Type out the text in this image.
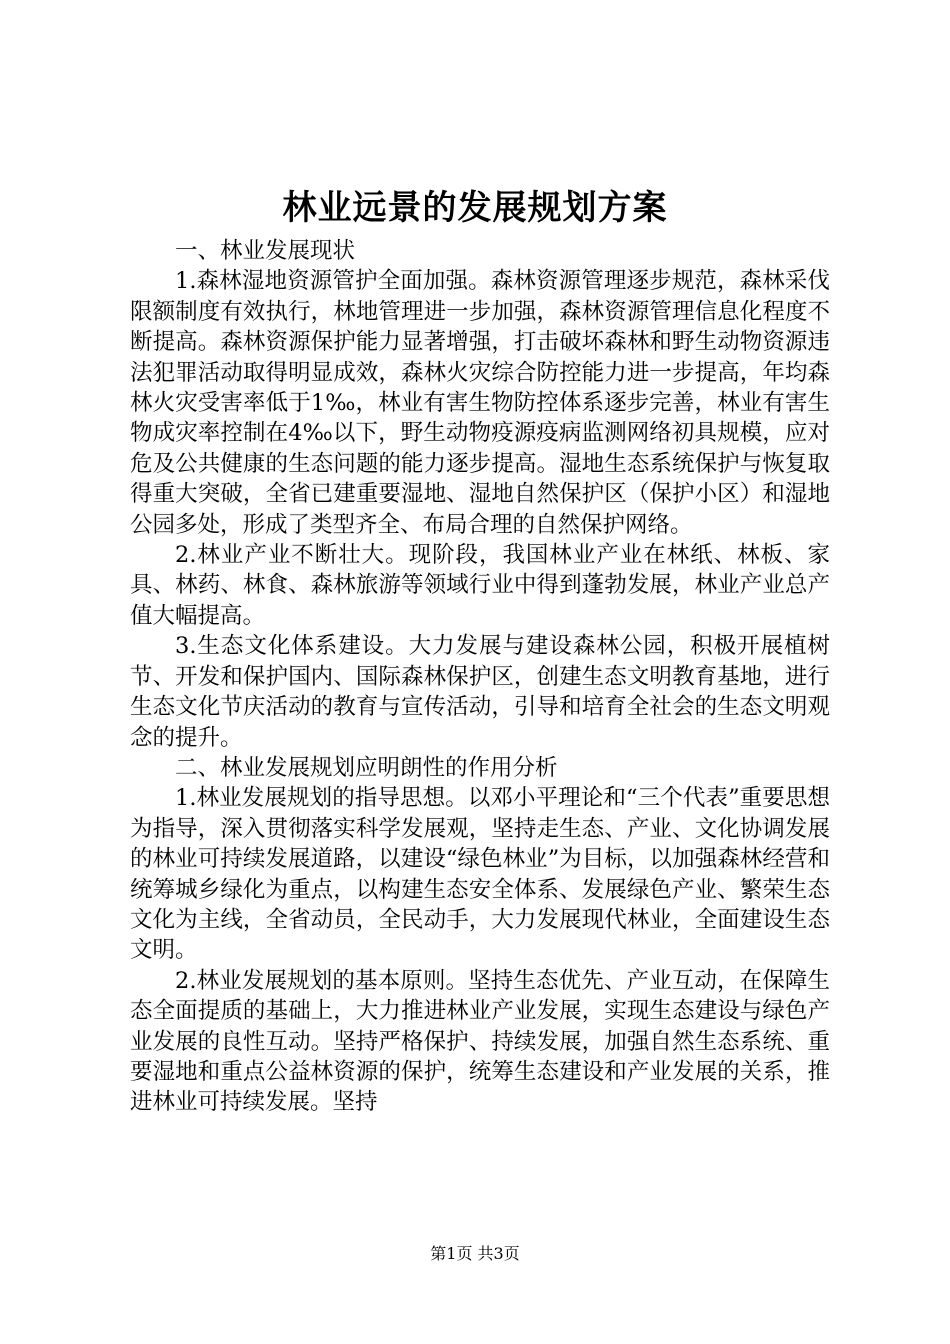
林业远景的发展规划方案

一、林业发展现状

1.森林湿地资源管护全面加强。森林资源管理逐步规范，森林采伐限额制度有效执行，林地管理进一步加强，森林资源管理信息化程度不断提高。森林资源保护能力显著增强，打击破坏森林和野生动物资源违法犯罪活动取得明显成效，森林火灾综合防控能力进一步提高，年均森林火灾受害率低于1‰，林业有害生物防控体系逐步完善，林业有害生物成灾率控制在4‰以下，野生动物疫源疫病监测网络初具规模，应对危及公共健康的生态问题的能力逐步提高。湿地生态系统保护与恢复取得重大突破，全省已建重要湿地、湿地自然保护区（保护小区）和湿地公园多处，形成了类型齐全、布局合理的自然保护网络。

2.林业产业不断壮大。现阶段，我国林业产业在林纸、林板、家具、林药、林食、森林旅游等领域行业中得到蓬勃发展，林业产业总产值大幅提高。

3.生态文化体系建设。大力发展与建设森林公园，积极开展植树节、开发和保护国内、国际森林保护区，创建生态文明教育基地，进行生态文化节庆活动的教育与宣传活动，引导和培育全社会的生态文明观念的提升。

二、林业发展规划应明朗性的作用分析

1.林业发展规划的指导思想。以邓小平理论和“三个代表”重要思想为指导，深入贯彻落实科学发展观，坚持走生态、产业、文化协调发展的林业可持续发展道路，以建设“绿色林业”为目标，以加强森林经营和统筹城乡绿化为重点，以构建生态安全体系、发展绿色产业、繁荣生态文化为主线，全省动员，全民动手，大力发展现代林业，全面建设生态文明。

2.林业发展规划的基本原则。坚持生态优先、产业互动，在保障生态全面提质的基础上，大力推进林业产业发展，实现生态建设与绿色产业发展的良性互动。坚持严格保护、持续发展，加强自然生态系统、重要湿地和重点公益林资源的保护，统筹生态建设和产业发展的关系，推进林业可持续发展。坚持

第1页 共3页
